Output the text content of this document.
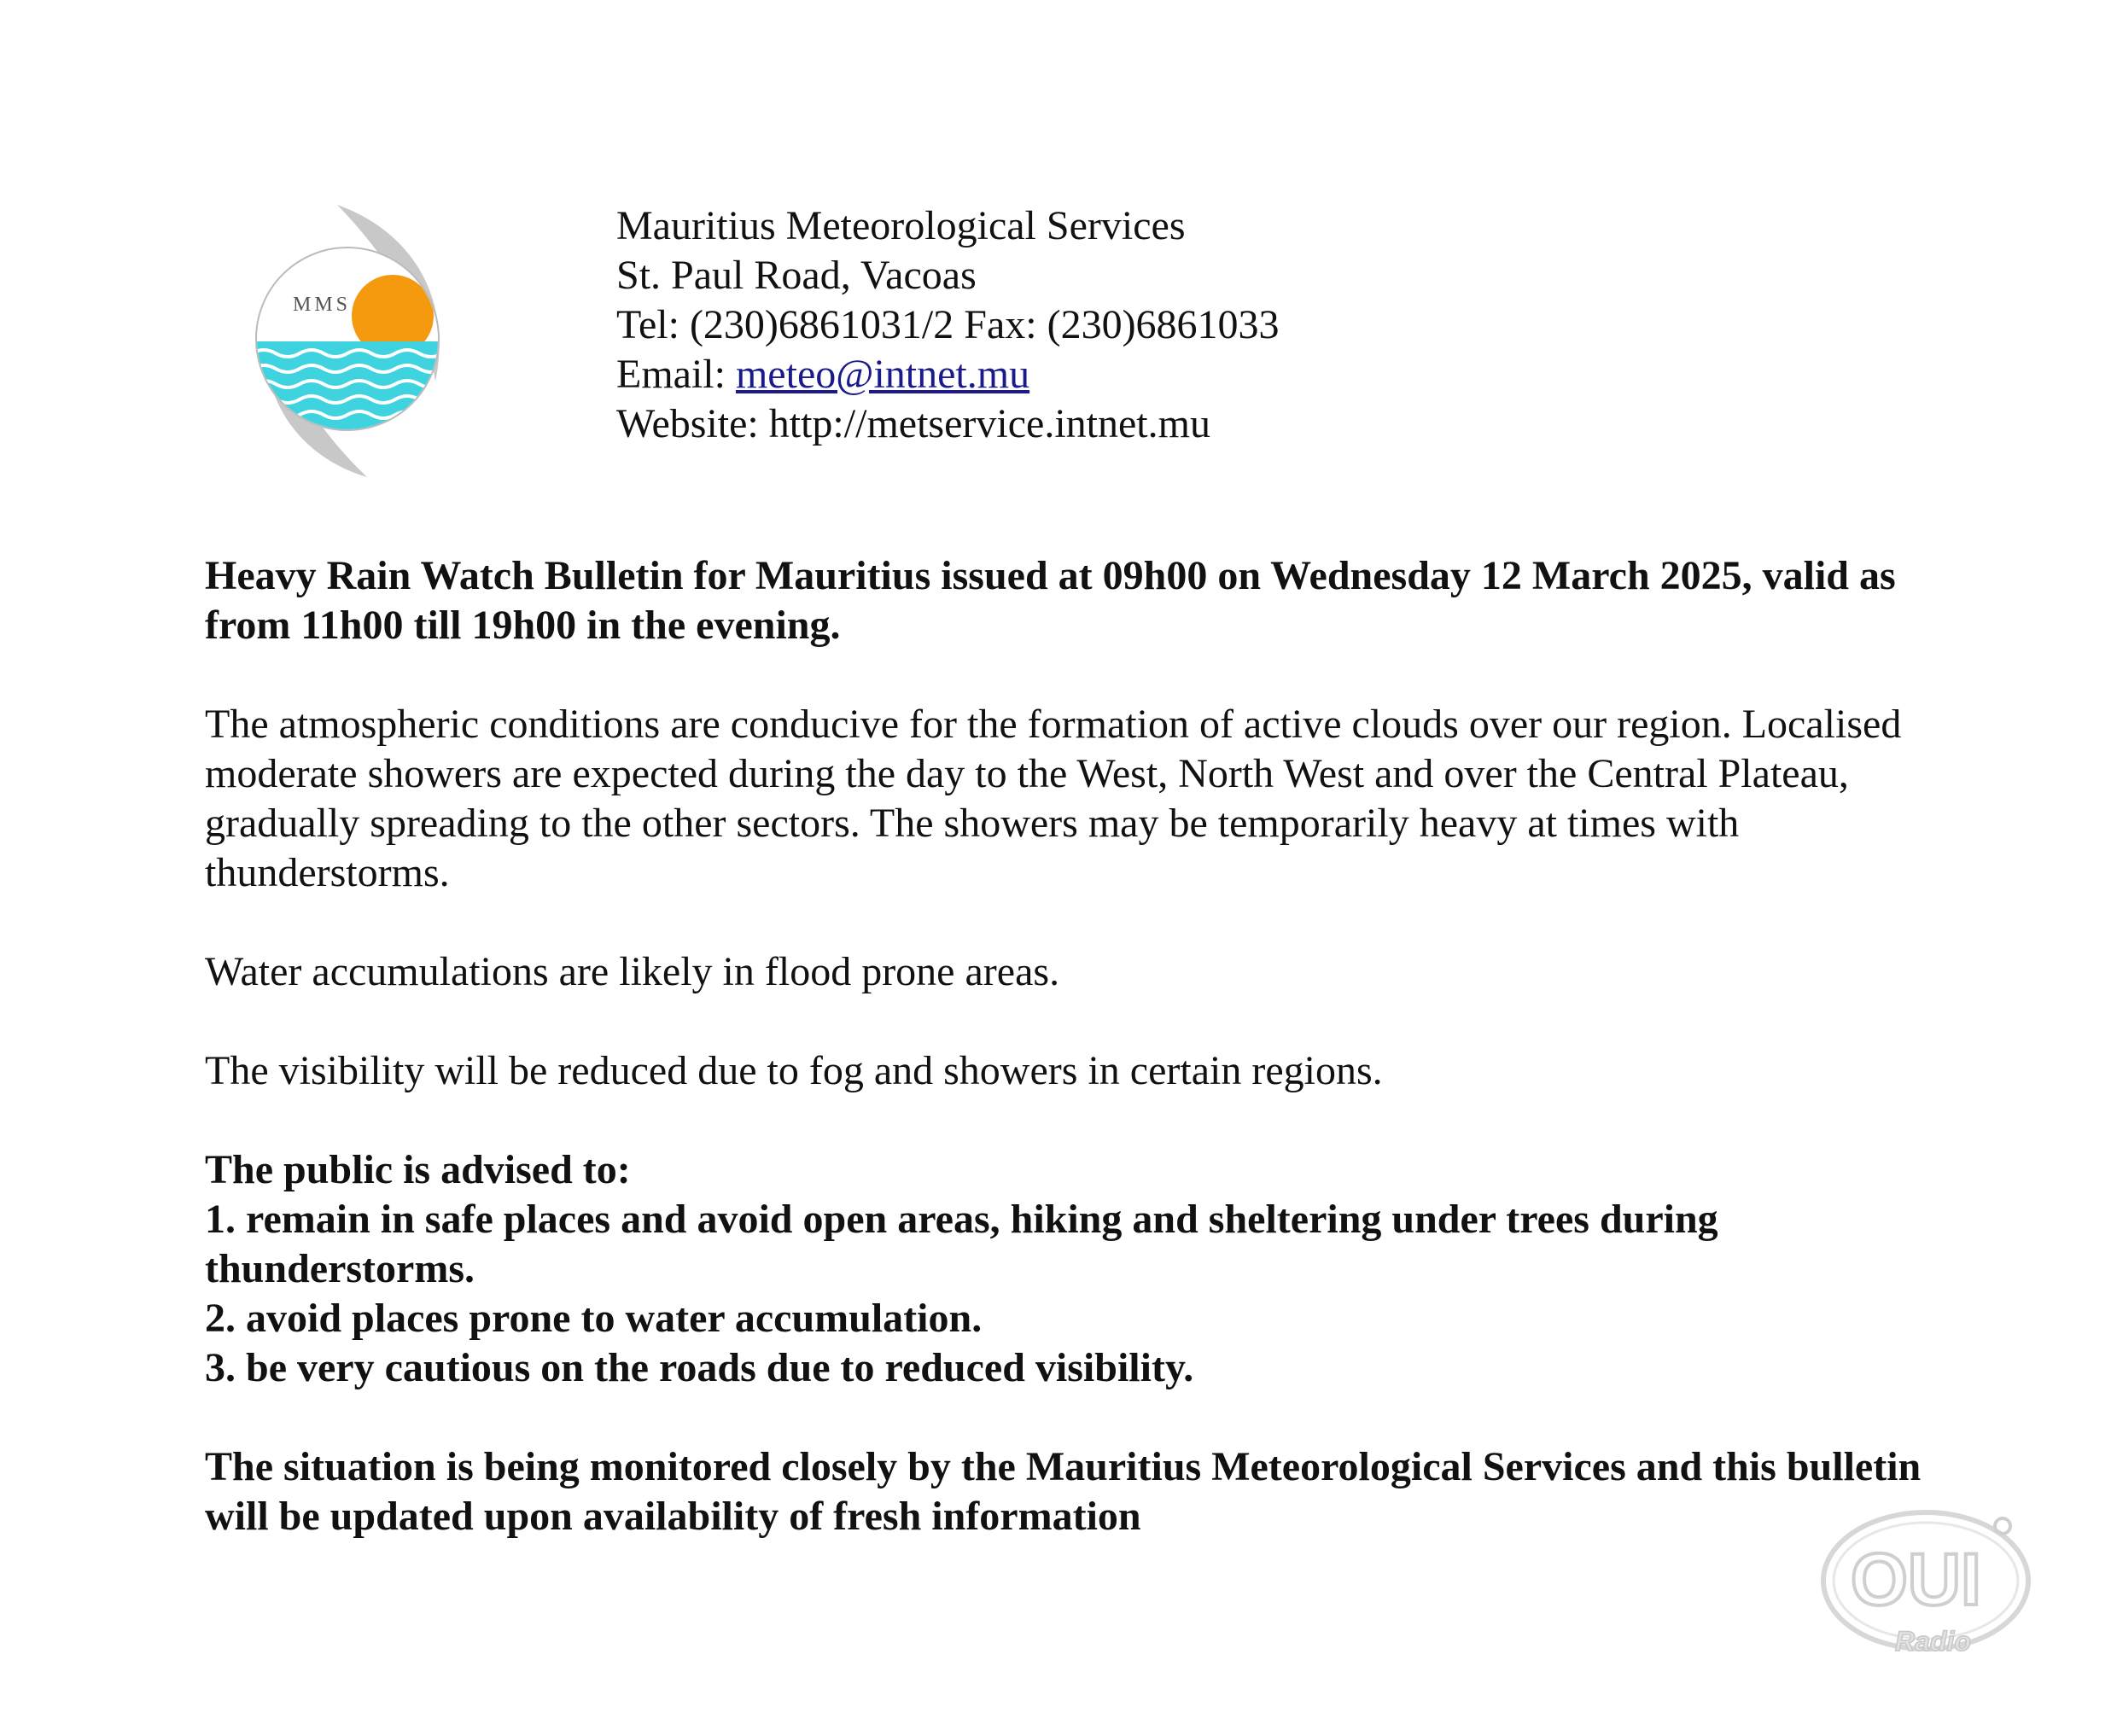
MMS
Mauritius Meteorological Services
St. Paul Road, Vacoas
Tel: (230)6861031/2 Fax: (230)6861033
Email: meteo@intnet.mu
Website: http://metservice.intnet.mu

Heavy Rain Watch Bulletin for Mauritius issued at 09h00 on Wednesday 12 March 2025, valid as from 11h00 till 19h00 in the evening.

The atmospheric conditions are conducive for the formation of active clouds over our region. Localised moderate showers are expected during the day to the West, North West and over the Central Plateau, gradually spreading to the other sectors. The showers may be temporarily heavy at times with thunderstorms.

Water accumulations are likely in flood prone areas.

The visibility will be reduced due to fog and showers in certain regions.

The public is advised to:

1. remain in safe places and avoid open areas, hiking and sheltering under trees during thunderstorms.

2. avoid places prone to water accumulation.

3. be very cautious on the roads due to reduced visibility.

The situation is being monitored closely by the Mauritius Meteorological Services and this bulletin will be updated upon availability of fresh information

OUI
Radio
